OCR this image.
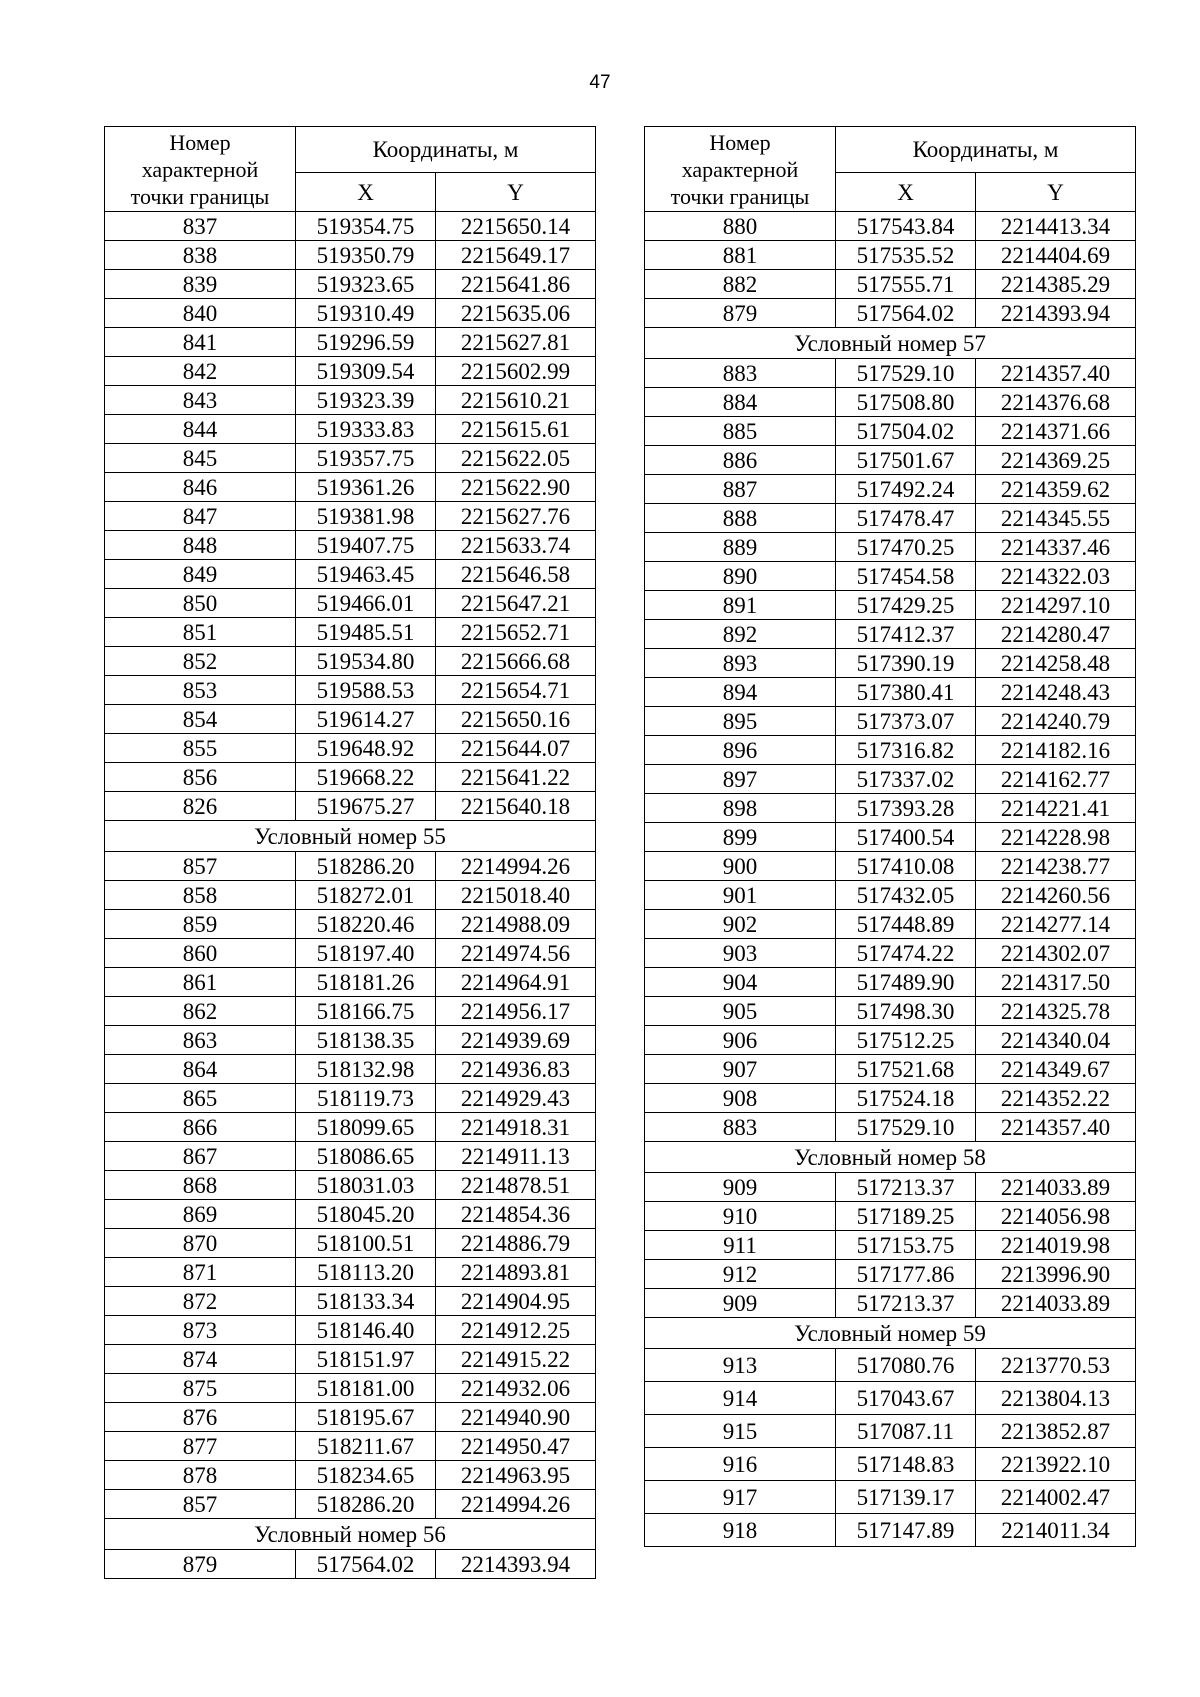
47
Номер
характерной
точки границы	Координаты, м	
	X	Y
837	519354.75	2215650.14
838	519350.79	2215649.17
839	519323.65	2215641.86
840	519310.49	2215635.06
841	519296.59	2215627.81
842	519309.54	2215602.99
843	519323.39	2215610.21
844	519333.83	2215615.61
845	519357.75	2215622.05
846	519361.26	2215622.90
847	519381.98	2215627.76
848	519407.75	2215633.74
849	519463.45	2215646.58
850	519466.01	2215647.21
851	519485.51	2215652.71
852	519534.80	2215666.68
853	519588.53	2215654.71
854	519614.27	2215650.16
855	519648.92	2215644.07
856	519668.22	2215641.22
826	519675.27	2215640.18
Условный номер 55		
857	518286.20	2214994.26
858	518272.01	2215018.40
859	518220.46	2214988.09
860	518197.40	2214974.56
861	518181.26	2214964.91
862	518166.75	2214956.17
863	518138.35	2214939.69
864	518132.98	2214936.83
865	518119.73	2214929.43
866	518099.65	2214918.31
867	518086.65	2214911.13
868	518031.03	2214878.51
869	518045.20	2214854.36
870	518100.51	2214886.79
871	518113.20	2214893.81
872	518133.34	2214904.95
873	518146.40	2214912.25
874	518151.97	2214915.22
875	518181.00	2214932.06
876	518195.67	2214940.90
877	518211.67	2214950.47
878	518234.65	2214963.95
857	518286.20	2214994.26
Условный номер 56		
879	517564.02	2214393.94
Номер
характерной
точки границы	Координаты, м	
	X	Y
880	517543.84	2214413.34
881	517535.52	2214404.69
882	517555.71	2214385.29
879	517564.02	2214393.94
Условный номер 57		
883	517529.10	2214357.40
884	517508.80	2214376.68
885	517504.02	2214371.66
886	517501.67	2214369.25
887	517492.24	2214359.62
888	517478.47	2214345.55
889	517470.25	2214337.46
890	517454.58	2214322.03
891	517429.25	2214297.10
892	517412.37	2214280.47
893	517390.19	2214258.48
894	517380.41	2214248.43
895	517373.07	2214240.79
896	517316.82	2214182.16
897	517337.02	2214162.77
898	517393.28	2214221.41
899	517400.54	2214228.98
900	517410.08	2214238.77
901	517432.05	2214260.56
902	517448.89	2214277.14
903	517474.22	2214302.07
904	517489.90	2214317.50
905	517498.30	2214325.78
906	517512.25	2214340.04
907	517521.68	2214349.67
908	517524.18	2214352.22
883	517529.10	2214357.40
Условный номер 58		
909	517213.37	2214033.89
910	517189.25	2214056.98
911	517153.75	2214019.98
912	517177.86	2213996.90
909	517213.37	2214033.89
Условный номер 59		
913	517080.76	2213770.53
914	517043.67	2213804.13
915	517087.11	2213852.87
916	517148.83	2213922.10
917	517139.17	2214002.47
918	517147.89	2214011.34
